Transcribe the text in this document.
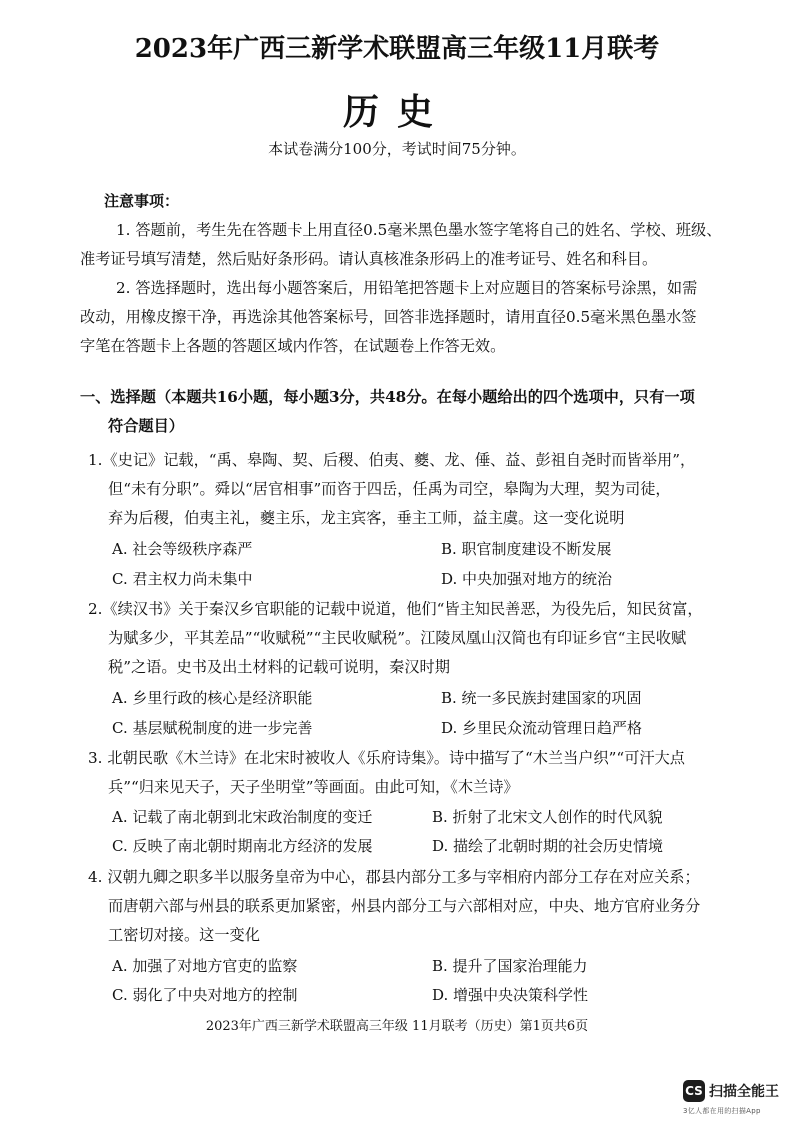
2023年广西三新学术联盟高三年级11月联考
历史
本试卷满分100分，考试时间75分钟。
注意事项：
1. 答题前，考生先在答题卡上用直径0.5毫米黑色墨水签字笔将自己的姓名、学校、班级、
准考证号填写清楚，然后贴好条形码。请认真核准条形码上的准考证号、姓名和科目。
2. 答选择题时，选出每小题答案后，用铅笔把答题卡上对应题目的答案标号涂黑，如需
改动，用橡皮擦干净，再选涂其他答案标号，回答非选择题时，请用直径0.5毫米黑色墨水签
字笔在答题卡上各题的答题区域内作答，在试题卷上作答无效。
一、选择题（本题共16小题，每小题3分，共48分。在每小题给出的四个选项中，只有一项
符合题目）
1.《史记》记载，“禹、皋陶、契、后稷、伯夷、夔、龙、倕、益、彭祖自尧时而皆举用”，
但“未有分职”。舜以“居官相事”而咨于四岳，任禹为司空，皋陶为大理，契为司徒，
弃为后稷，伯夷主礼，夔主乐，龙主宾客，垂主工师，益主虞。这一变化说明
A. 社会等级秩序森严	B. 职官制度建设不断发展
C. 君主权力尚未集中	D. 中央加强对地方的统治
2.《续汉书》关于秦汉乡官职能的记载中说道，他们“皆主知民善恶，为役先后，知民贫富，
为赋多少，平其差品”“收赋税”“主民收赋税”。江陵凤凰山汉简也有印证乡官“主民收赋
税”之语。史书及出土材料的记载可说明，秦汉时期
A. 乡里行政的核心是经济职能	B. 统一多民族封建国家的巩固
C. 基层赋税制度的进一步完善	D. 乡里民众流动管理日趋严格
3. 北朝民歌《木兰诗》在北宋时被收人《乐府诗集》。诗中描写了“木兰当户织”“可汗大点
兵”“归来见天子，天子坐明堂”等画面。由此可知，《木兰诗》
A. 记载了南北朝到北宋政治制度的变迁	B. 折射了北宋文人创作的时代风貌
C. 反映了南北朝时期南北方经济的发展	D. 描绘了北朝时期的社会历史情境
4. 汉朝九卿之职多半以服务皇帝为中心，郡县内部分工多与宰相府内部分工存在对应关系；
而唐朝六部与州县的联系更加紧密，州县内部分工与六部相对应，中央、地方官府业务分
工密切对接。这一变化
A. 加强了对地方官吏的监察	B. 提升了国家治理能力
C. 弱化了中央对地方的控制	D. 增强中央决策科学性
2023年广西三新学术联盟高三年级 11月联考（历史）第1页共6页
CS 扫描全能王
3亿人都在用的扫描App
